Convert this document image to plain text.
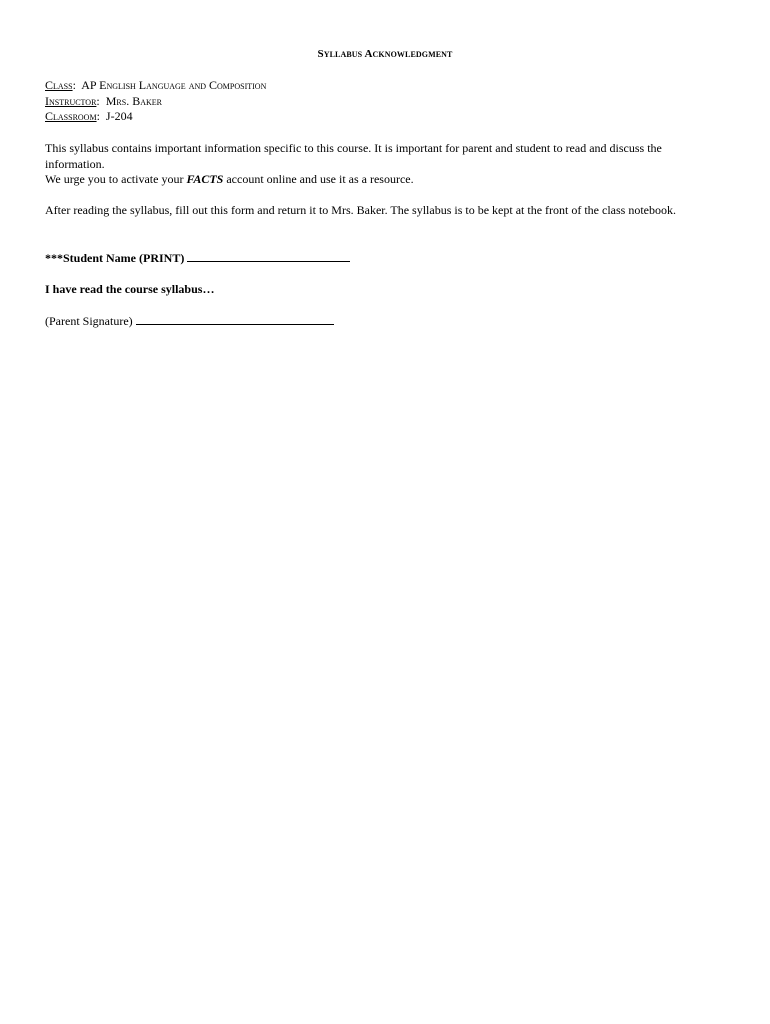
Syllabus Acknowledgment
Class:  AP English Language and Composition
Instructor:  Mrs. Baker
Classroom:  J-204
This syllabus contains important information specific to this course. It is important for parent and student to read and discuss the information.
We urge you to activate your FACTS account online and use it as a resource.
After reading the syllabus, fill out this form and return it to Mrs. Baker. The syllabus is to be kept at the front of the class notebook.
***Student Name (PRINT)
I have read the course syllabus…
(Parent Signature)
